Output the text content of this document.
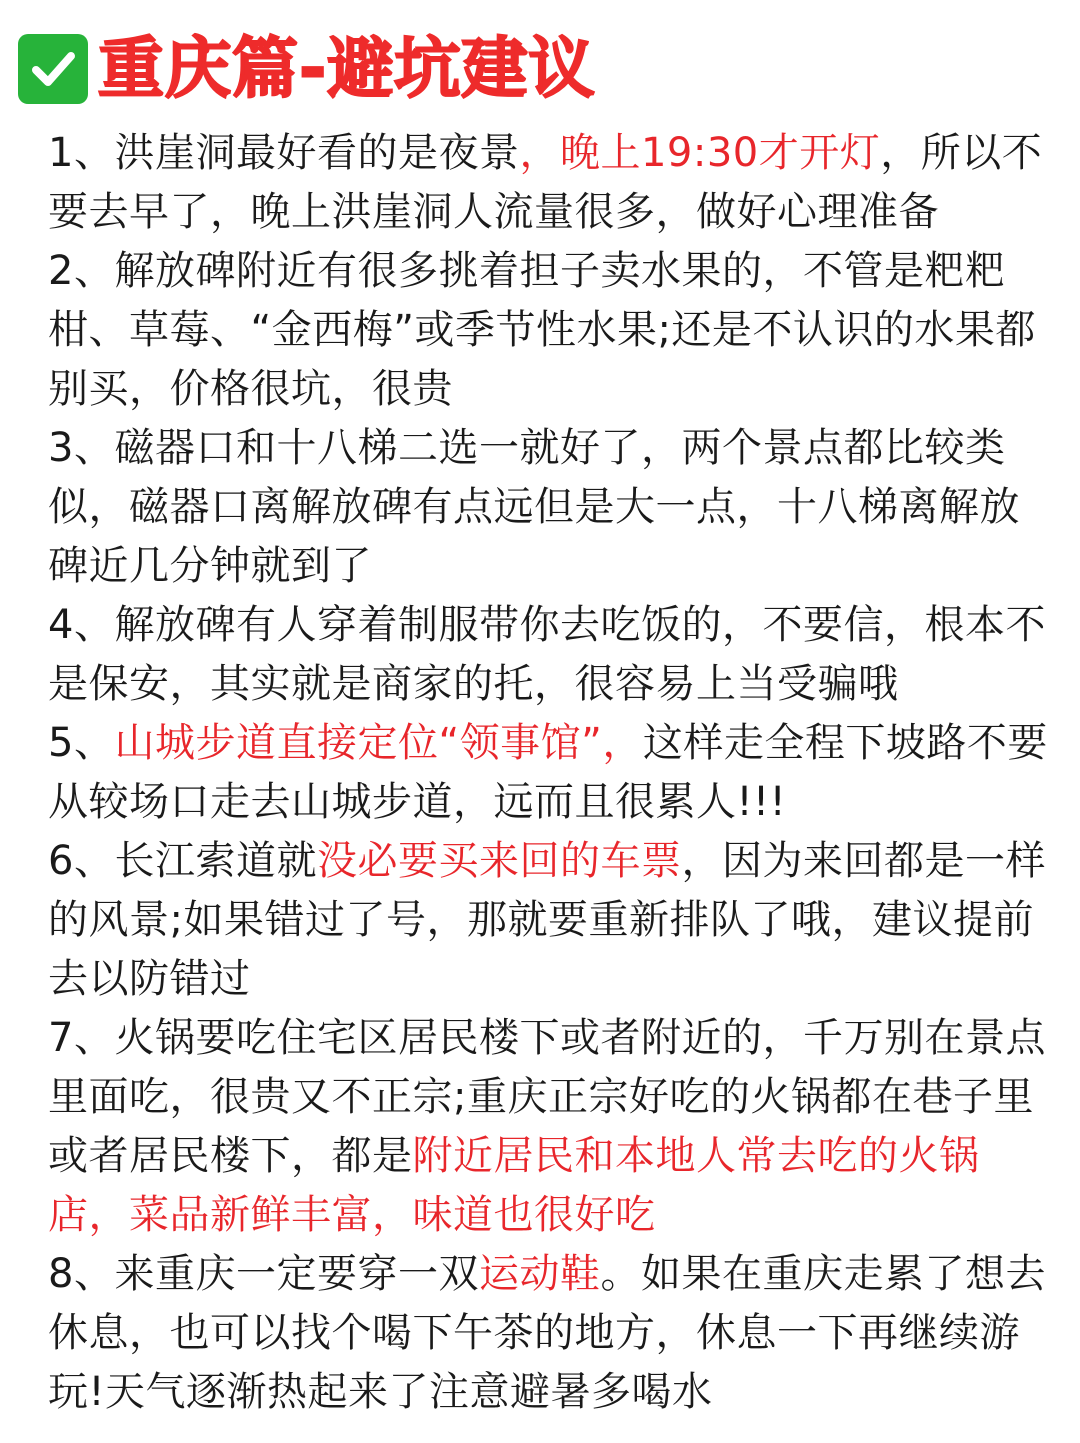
重庆篇-避坑建议

1、洪崖洞最好看的是夜景，晚上19:30才开灯，所以不要去早了，晚上洪崖洞人流量很多，做好心理准备

2、解放碑附近有很多挑着担子卖水果的，不管是粑粑柑、草莓、“金西梅”或季节性水果;还是不认识的水果都别买，价格很坑，很贵

3、磁器口和十八梯二选一就好了，两个景点都比较类似，磁器口离解放碑有点远但是大一点，十八梯离解放碑近几分钟就到了

4、解放碑有人穿着制服带你去吃饭的，不要信，根本不是保安，其实就是商家的托，很容易上当受骗哦

5、山城步道直接定位“领事馆”，这样走全程下坡路不要从较场口走去山城步道，远而且很累人!!!

6、长江索道就没必要买来回的车票，因为来回都是一样的风景;如果错过了号，那就要重新排队了哦，建议提前去以防错过

7、火锅要吃住宅区居民楼下或者附近的，千万别在景点里面吃，很贵又不正宗;重庆正宗好吃的火锅都在巷子里或者居民楼下，都是附近居民和本地人常去吃的火锅店，菜品新鲜丰富，味道也很好吃

8、来重庆一定要穿一双运动鞋。如果在重庆走累了想去休息，也可以找个喝下午茶的地方，休息一下再继续游玩!天气逐渐热起来了注意避暑多喝水
